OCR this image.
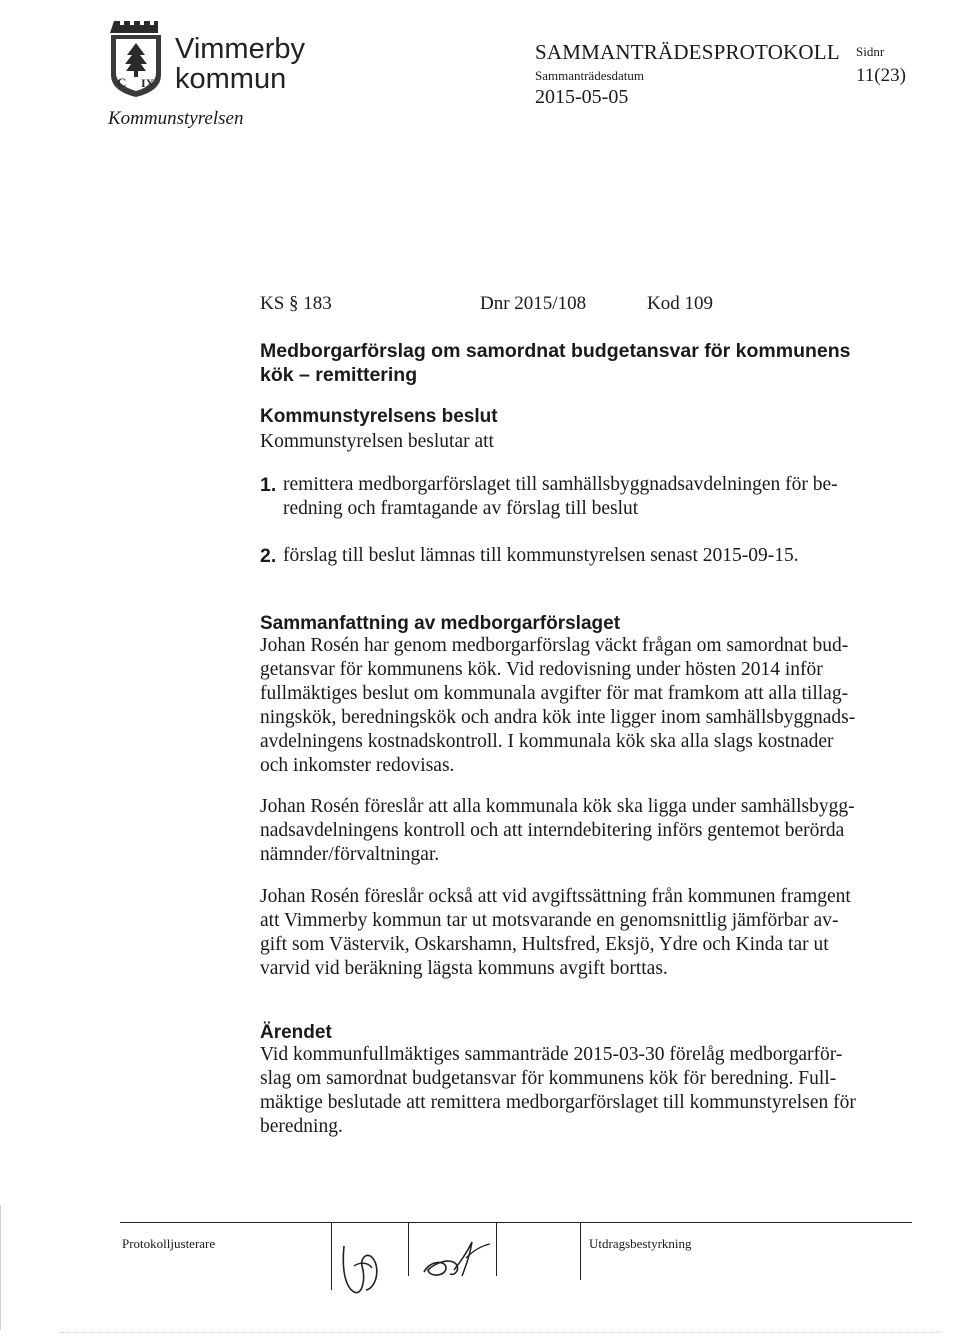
C IX
Vimmerby
kommun
Kommunstyrelsen
SAMMANTRÄDESPROTOKOLL
Sammanträdesdatum
2015-05-05
Sidnr
11(23)
KS § 183	Dnr 2015/108	Kod 109
Medborgarförslag om samordnat budgetansvar för kommunens
kök – remittering
Kommunstyrelsens beslut
Kommunstyrelsen beslutar att
1. remittera medborgarförslaget till samhällsbyggnadsavdelningen för be-
redning och framtagande av förslag till beslut
2. förslag till beslut lämnas till kommunstyrelsen senast 2015-09-15.
Sammanfattning av medborgarförslaget
Johan Rosén har genom medborgarförslag väckt frågan om samordnat bud-
getansvar för kommunens kök. Vid redovisning under hösten 2014 inför
fullmäktiges beslut om kommunala avgifter för mat framkom att alla tillag-
ningskök, beredningskök och andra kök inte ligger inom samhällsbyggnads-
avdelningens kostnadskontroll. I kommunala kök ska alla slags kostnader
och inkomster redovisas.
Johan Rosén föreslår att alla kommunala kök ska ligga under samhällsbygg-
nadsavdelningens kontroll och att interndebitering införs gentemot berörda
nämnder/förvaltningar.
Johan Rosén föreslår också att vid avgiftssättning från kommunen framgent
att Vimmerby kommun tar ut motsvarande en genomsnittlig jämförbar av-
gift som Västervik, Oskarshamn, Hultsfred, Eksjö, Ydre och Kinda tar ut
varvid vid beräkning lägsta kommuns avgift borttas.
Ärendet
Vid kommunfullmäktiges sammanträde 2015-03-30 förelåg medborgarför-
slag om samordnat budgetansvar för kommunens kök för beredning. Full-
mäktige beslutade att remittera medborgarförslaget till kommunstyrelsen för
beredning.
Protokolljusterare	Utdragsbestyrkning
